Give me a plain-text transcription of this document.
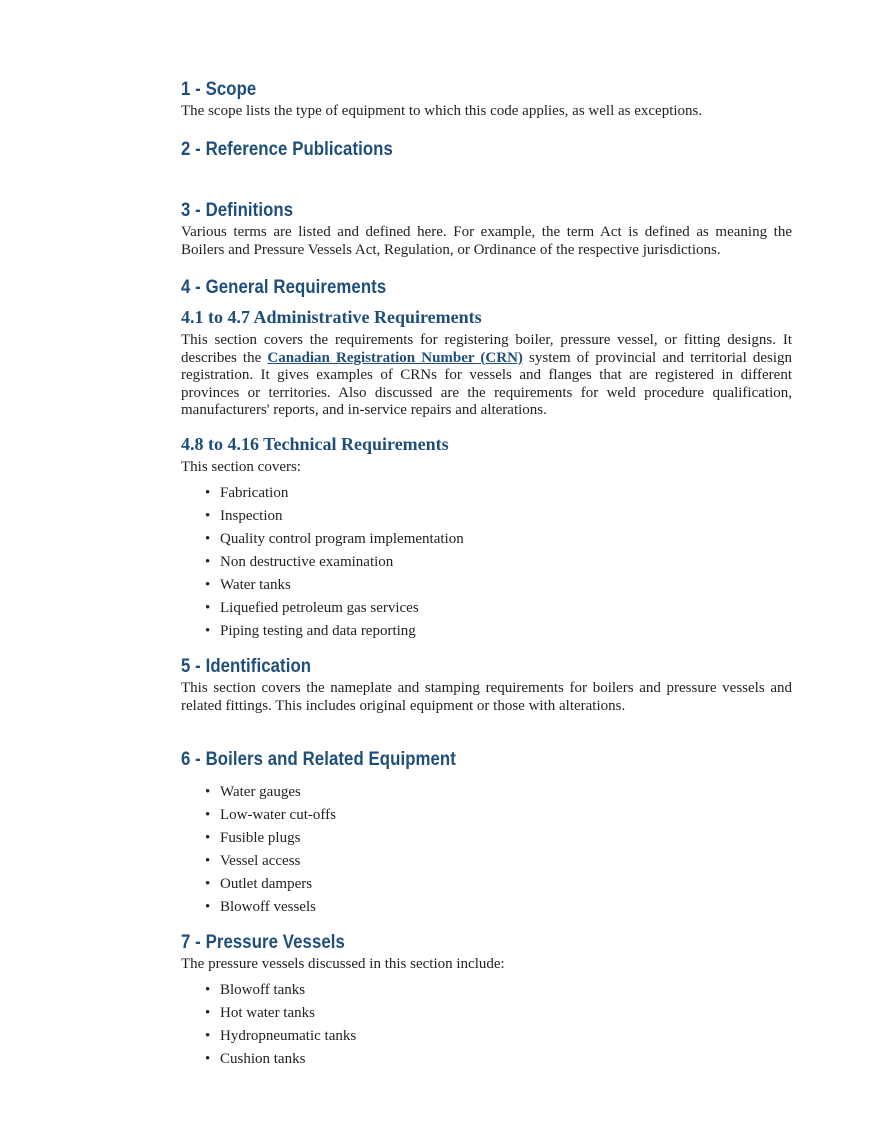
1 - Scope

The scope lists the type of equipment to which this code applies, as well as exceptions.

2 - Reference Publications
3 - Definitions

Various terms are listed and defined here. For example, the term Act is defined as meaning the Boilers and Pressure Vessels Act, Regulation, or Ordinance of the respective jurisdictions.

4 - General Requirements
4.1 to 4.7 Administrative Requirements

This section covers the requirements for registering boiler, pressure vessel, or fitting designs. It describes the Canadian Registration Number (CRN) system of provincial and territorial design registration. It gives examples of CRNs for vessels and flanges that are registered in different provinces or territories. Also discussed are the requirements for weld procedure qualification, manufacturers' reports, and in-service repairs and alterations.

4.8 to 4.16 Technical Requirements

This section covers:

• Fabrication
• Inspection
• Quality control program implementation
• Non destructive examination
• Water tanks
• Liquefied petroleum gas services
• Piping testing and data reporting
5 - Identification

This section covers the nameplate and stamping requirements for boilers and pressure vessels and related fittings. This includes original equipment or those with alterations.

6 - Boilers and Related Equipment
• Water gauges
• Low-water cut-offs
• Fusible plugs
• Vessel access
• Outlet dampers
• Blowoff vessels
7 - Pressure Vessels

The pressure vessels discussed in this section include:

• Blowoff tanks
• Hot water tanks
• Hydropneumatic tanks
• Cushion tanks
